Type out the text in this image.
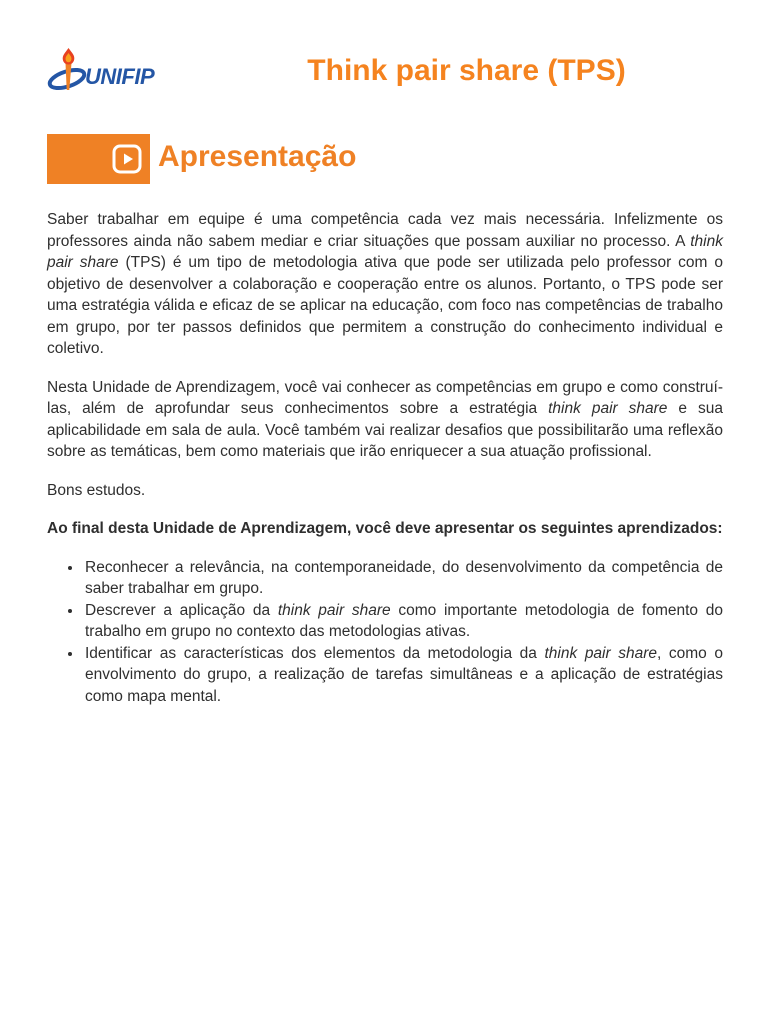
UNIFIP	Think pair share (TPS)
Apresentação

Saber trabalhar em equipe é uma competência cada vez mais necessária. Infelizmente os professores ainda não sabem mediar e criar situações que possam auxiliar no processo. A think pair share (TPS) é um tipo de metodologia ativa que pode ser utilizada pelo professor com o objetivo de desenvolver a colaboração e cooperação entre os alunos. Portanto, o TPS pode ser uma estratégia válida e eficaz de se aplicar na educação, com foco nas competências de trabalho em grupo, por ter passos definidos que permitem a construção do conhecimento individual e coletivo.

Nesta Unidade de Aprendizagem, você vai conhecer as competências em grupo e como construí-las, além de aprofundar seus conhecimentos sobre a estratégia think pair share e sua aplicabilidade em sala de aula. Você também vai realizar desafios que possibilitarão uma reflexão sobre as temáticas, bem como materiais que irão enriquecer a sua atuação profissional.

Bons estudos.

Ao final desta Unidade de Aprendizagem, você deve apresentar os seguintes aprendizados:

• Reconhecer a relevância, na contemporaneidade, do desenvolvimento da competência de saber trabalhar em grupo.
• Descrever a aplicação da think pair share como importante metodologia de fomento do trabalho em grupo no contexto das metodologias ativas.
• Identificar as características dos elementos da metodologia da think pair share, como o envolvimento do grupo, a realização de tarefas simultâneas e a aplicação de estratégias como mapa mental.
